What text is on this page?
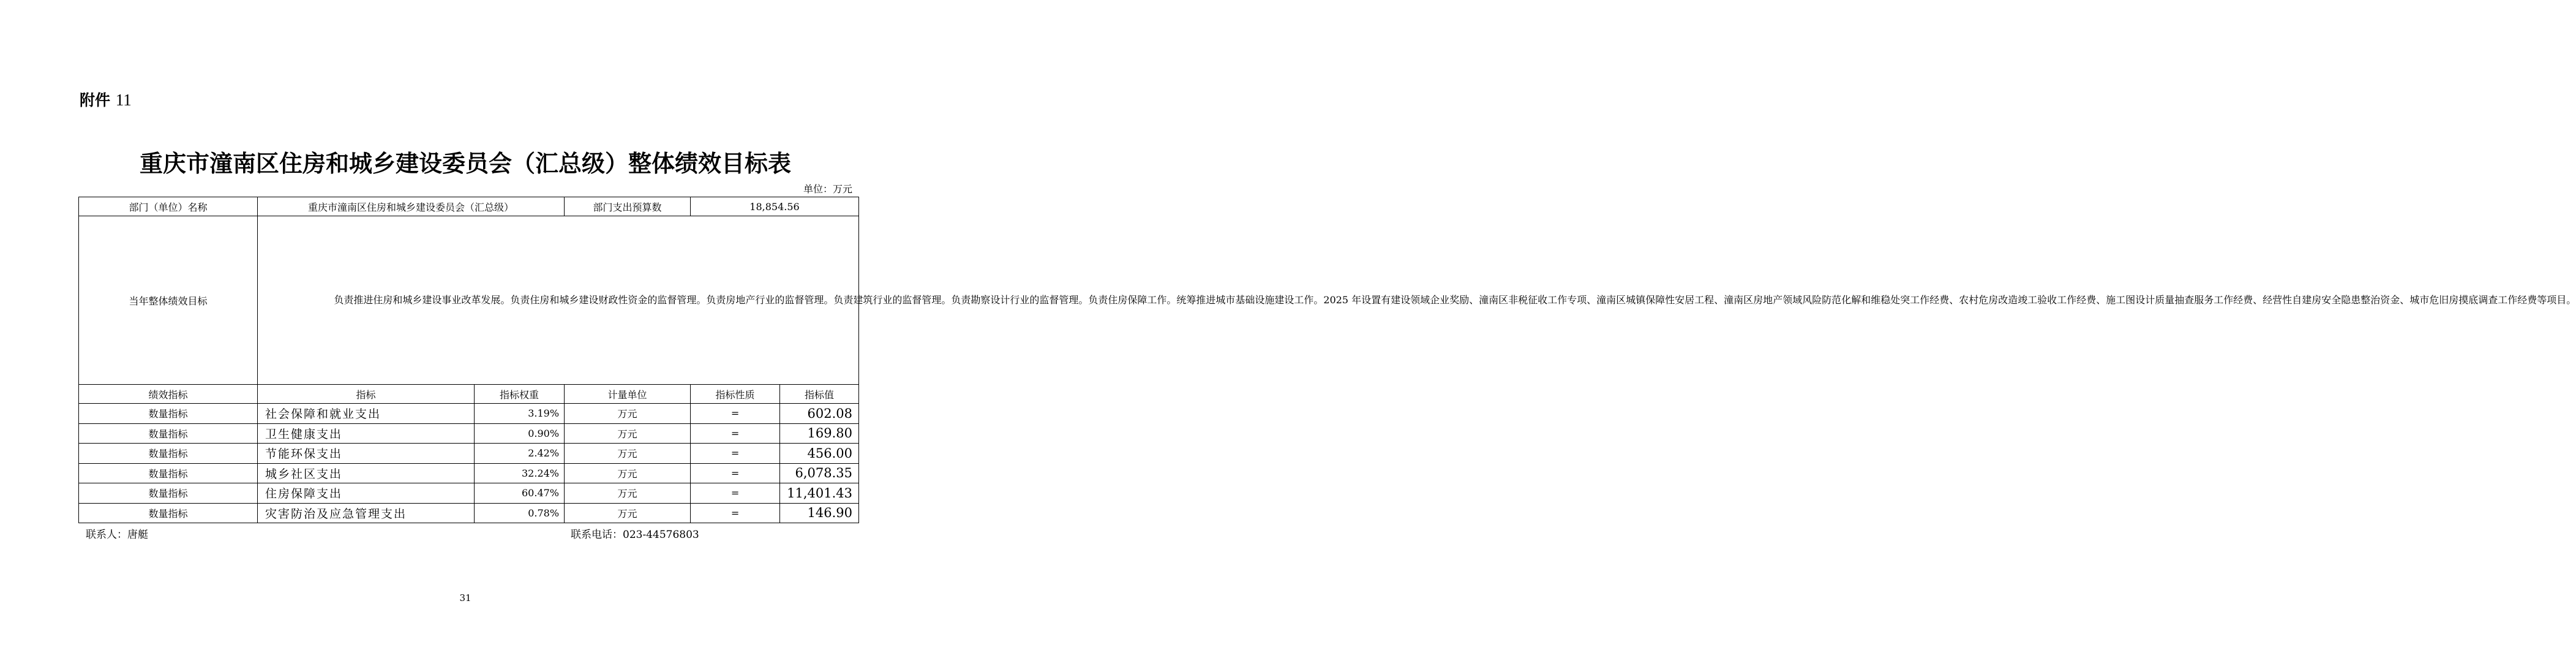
附件 11
重庆市潼南区住房和城乡建设委员会（汇总级）整体绩效目标表
单位：万元
部门（单位）名称	重庆市潼南区住房和城乡建设委员会（汇总级）		部门支出预算数	18,854.56	
当年整体绩效目标	负责推进住房和城乡建设事业改革发展。负责住房和城乡建设财政性资金的监督管理。负责房地产行业的监督管理。负责建筑行业的监督管理。负责勘察设计行业的监督管理。负责住房保障工作。统筹推进城市基础设施建设工作。2025 年设置有建设领域企业奖励、潼南区非税征收工作专项、潼南区城镇保障性安居工程、潼南区房地产领域风险防范化解和维稳处突工作经费、农村危房改造竣工验收工作经费、施工图设计质量抽查服务工作经费、经营性自建房安全隐患整治资金、城市危旧房摸底调查工作经费等项目。				

绩效指标	指标	指标权重	计量单位	指标性质	指标值
数量指标	社会保障和就业支出	3.19%	万元	=	602.08
数量指标	卫生健康支出	0.90%	万元	=	169.80
数量指标	节能环保支出	2.42%	万元	=	456.00
数量指标	城乡社区支出	32.24%	万元	=	6,078.35
数量指标	住房保障支出	60.47%	万元	=	11,401.43
数量指标	灾害防治及应急管理支出	0.78%	万元	=	146.90
联系人：唐艇	联系电话：023-44576803
31
